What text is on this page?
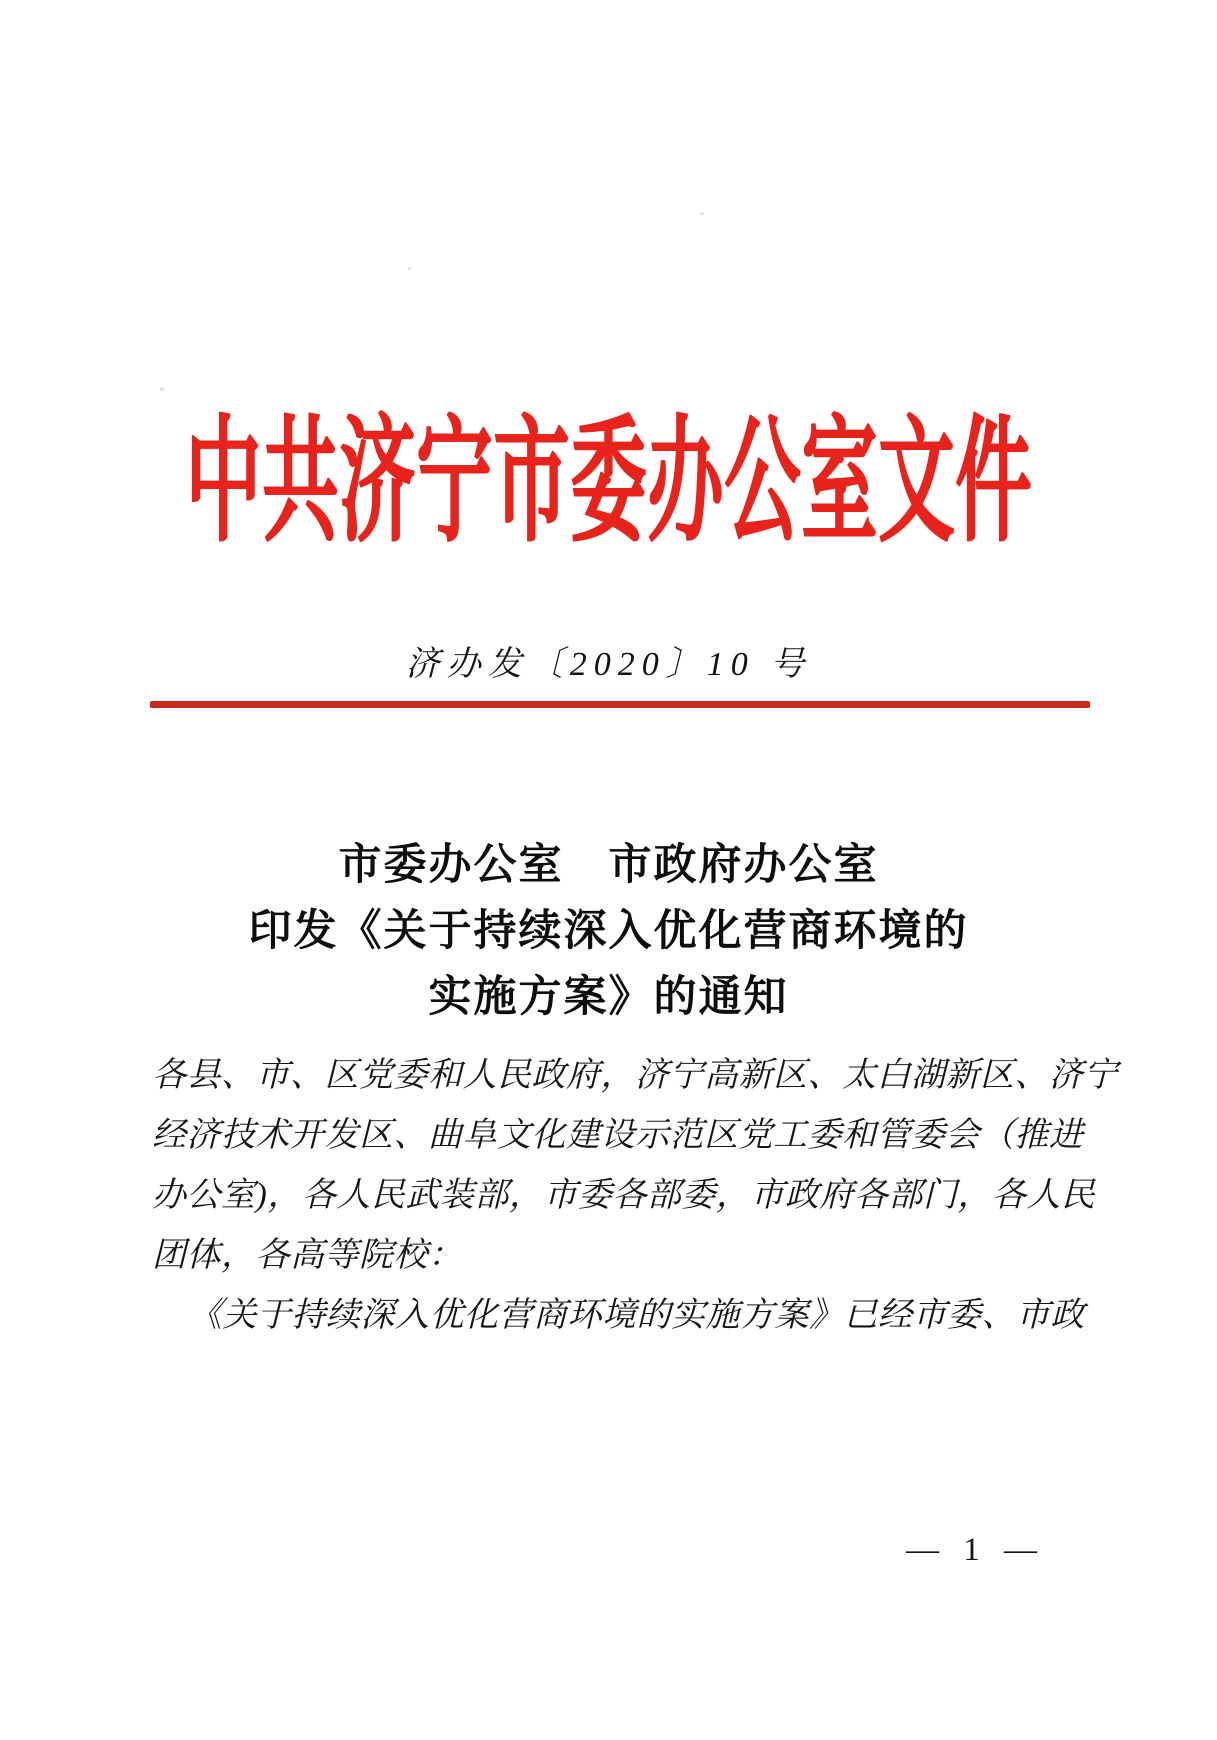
中共济宁市委办公室文件
济办发〔2020〕10 号
市委办公室　市政府办公室
印发《关于持续深入优化营商环境的
实施方案》的通知
各县、市、区党委和人民政府，济宁高新区、太白湖新区、济宁
经济技术开发区、曲阜文化建设示范区党工委和管委会（推进
办公室)，各人民武装部，市委各部委，市政府各部门，各人民
团体，各高等院校：
《关于持续深入优化营商环境的实施方案》已经市委、市政
— 1 —
